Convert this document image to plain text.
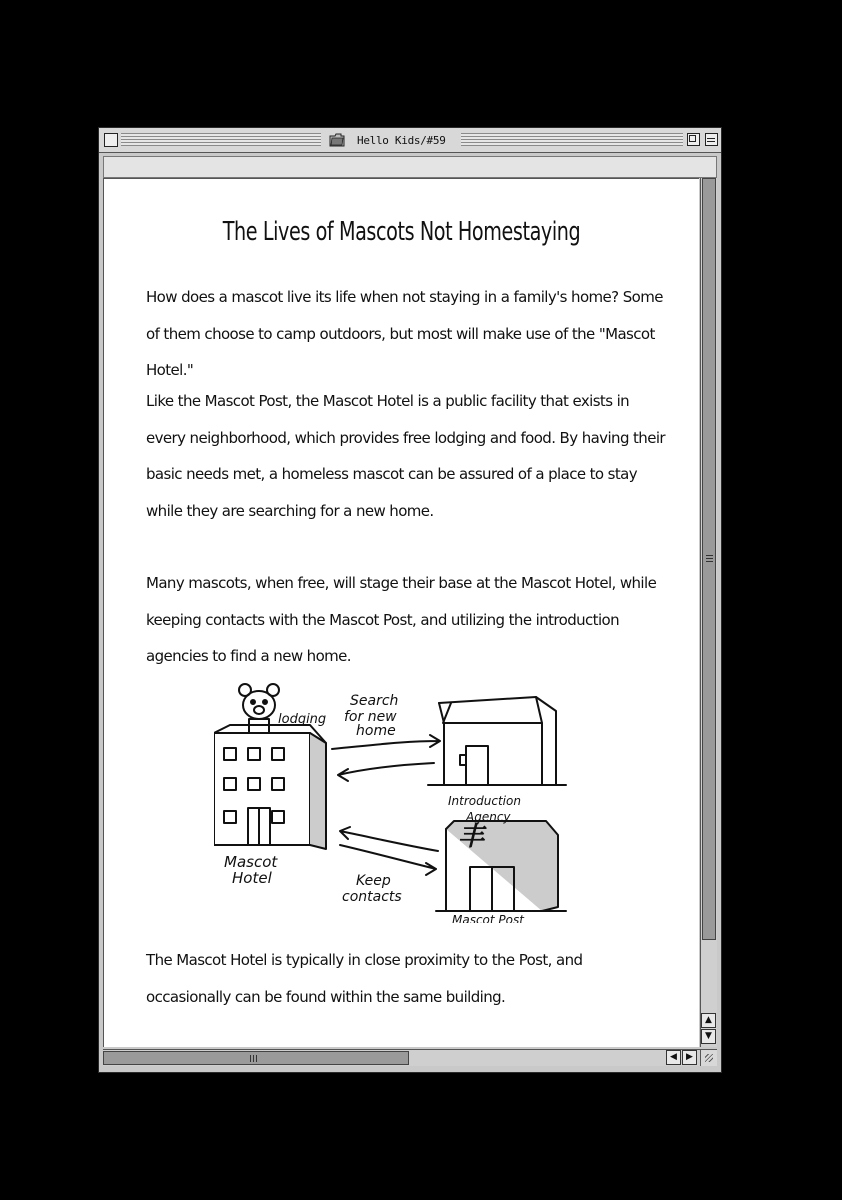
Hello Kids/#59
The Lives of Mascots Not Homestaying

How does a mascot live its life when not staying in a family's home? Some of them choose to camp outdoors, but most will make use of the "Mascot Hotel."

Like the Mascot Post, the Mascot Hotel is a public facility that exists in every neighborhood, which provides free lodging and food. By having their basic needs met, a homeless mascot can be assured of a place to stay while they are searching for a new home.

Many mascots, when free, will stage their base at the Mascot Hotel, while keeping contacts with the Mascot Post, and utilizing the introduction agencies to find a new home.

丰
lodging
Mascot
Hotel
Search
for new
home
Introduction
Agency
Keep
contacts
Mascot Post

The Mascot Hotel is typically in close proximity to the Post, and occasionally can be found within the same building.

▲
▼
◀	▶
